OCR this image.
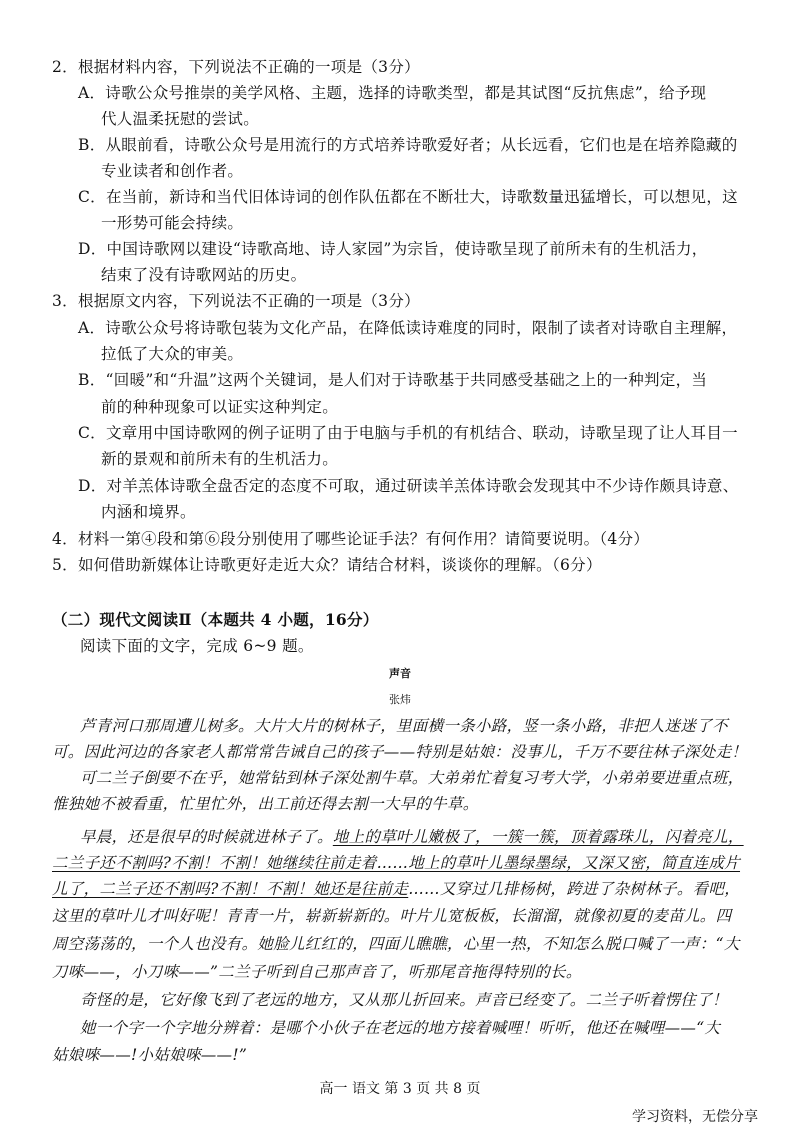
2．根据材料内容，下列说法不正确的一项是（3分）
A．诗歌公众号推崇的美学风格、主题，选择的诗歌类型，都是其试图“反抗焦虑”，给予现
代人温柔抚慰的尝试。
B．从眼前看，诗歌公众号是用流行的方式培养诗歌爱好者；从长远看，它们也是在培养隐藏的
专业读者和创作者。
C．在当前，新诗和当代旧体诗词的创作队伍都在不断壮大，诗歌数量迅猛增长，可以想见，这
一形势可能会持续。
D．中国诗歌网以建设“诗歌高地、诗人家园”为宗旨，使诗歌呈现了前所未有的生机活力，
结束了没有诗歌网站的历史。
3．根据原文内容，下列说法不正确的一项是（3分）
A．诗歌公众号将诗歌包装为文化产品，在降低读诗难度的同时，限制了读者对诗歌自主理解，
拉低了大众的审美。
B．“回暖”和“升温”这两个关键词，是人们对于诗歌基于共同感受基础之上的一种判定，当
前的种种现象可以证实这种判定。
C．文章用中国诗歌网的例子证明了由于电脑与手机的有机结合、联动，诗歌呈现了让人耳目一
新的景观和前所未有的生机活力。
D．对羊羔体诗歌全盘否定的态度不可取，通过研读羊羔体诗歌会发现其中不少诗作颇具诗意、
内涵和境界。
4．材料一第④段和第⑥段分别使用了哪些论证手法？有何作用？请简要说明。（4分）
5．如何借助新媒体让诗歌更好走近大众？请结合材料，谈谈你的理解。（6分）
（二）现代文阅读Ⅱ（本题共 4 小题，16分）
阅读下面的文字，完成 6~9 题。
声音
张炜
芦青河口那周遭儿树多。大片大片的树林子，里面横一条小路，竖一条小路，非把人迷迷了不
可。因此河边的各家老人都常常告诫自己的孩子——特别是姑娘：没事儿，千万不要往林子深处走！
可二兰子倒要不在乎，她常钻到林子深处割牛草。大弟弟忙着复习考大学，小弟弟要进重点班，
惟独她不被看重，忙里忙外，出工前还得去割一大早的牛草。
早晨，还是很早的时候就进林子了。地上的草叶儿嫩极了，一簇一簇，顶着露珠儿，闪着亮儿，
二兰子还不割吗?不割！不割！她继续往前走着……地上的草叶儿墨绿墨绿，又深又密，简直连成片
儿了，二兰子还不割吗?不割！不割！她还是往前走……又穿过几排杨树，跨进了杂树林子。看吧，
这里的草叶儿才叫好呢！青青一片，崭新崭新的。叶片儿宽板板，长溜溜，就像初夏的麦苗儿。四
周空荡荡的，一个人也没有。她脸儿红红的，四面儿瞧瞧，心里一热，不知怎么脱口喊了一声：“大
刀唻——，小刀唻——”二兰子听到自己那声音了，听那尾音拖得特别的长。
奇怪的是，它好像飞到了老远的地方，又从那儿折回来。声音已经变了。二兰子听着愣住了！
她一个字一个字地分辨着：是哪个小伙子在老远的地方接着喊哩！听听，他还在喊哩——“大
姑娘唻——!小姑娘唻——!”
高一 语文 第 3 页 共 8 页
学习资料，无偿分享
